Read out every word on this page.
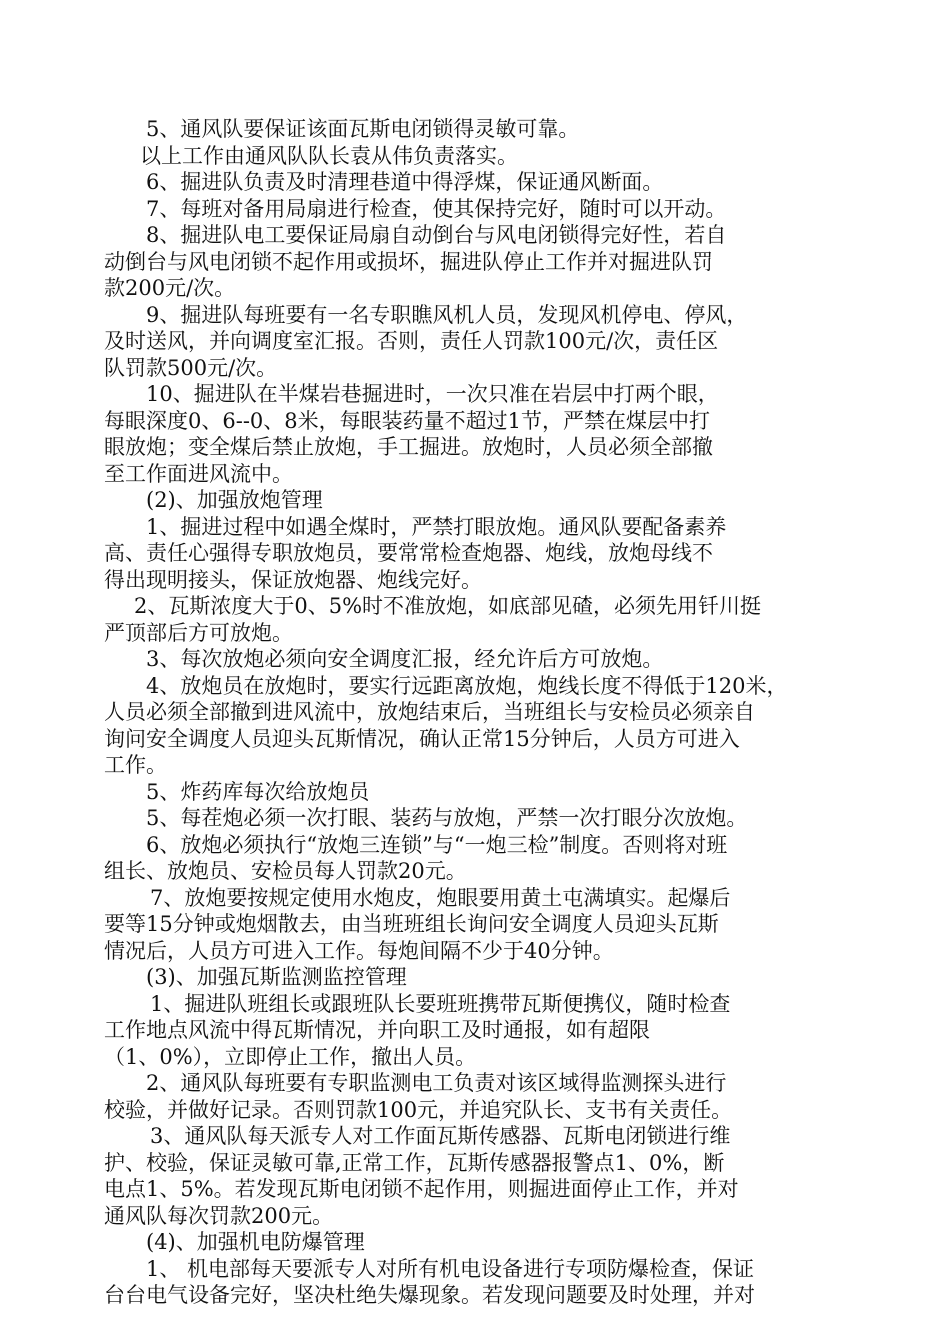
5、通风队要保证该面瓦斯电闭锁得灵敏可靠。
以上工作由通风队队长袁从伟负责落实。
6、掘进队负责及时清理巷道中得浮煤，保证通风断面。
7、每班对备用局扇进行检查，使其保持完好，随时可以开动。
8、掘进队电工要保证局扇自动倒台与风电闭锁得完好性，若自
动倒台与风电闭锁不起作用或损坏，掘进队停止工作并对掘进队罚
款200元/次。
9、掘进队每班要有一名专职瞧风机人员，发现风机停电、停风，
及时送风，并向调度室汇报。否则，责任人罚款100元/次，责任区
队罚款500元/次。
10、掘进队在半煤岩巷掘进时，一次只准在岩层中打两个眼，
每眼深度0、6--0、8米，每眼装药量不超过1节，严禁在煤层中打
眼放炮；变全煤后禁止放炮，手工掘进。放炮时，人员必须全部撤
至工作面进风流中。
(2)、加强放炮管理
1、掘进过程中如遇全煤时，严禁打眼放炮。通风队要配备素养
高、责任心强得专职放炮员，要常常检查炮器、炮线，放炮母线不
得出现明接头，保证放炮器、炮线完好。
2、瓦斯浓度大于0、5%时不准放炮，如底部见碴，必须先用钎川挺
严顶部后方可放炮。
3、每次放炮必须向安全调度汇报，经允许后方可放炮。
4、放炮员在放炮时，要实行远距离放炮，炮线长度不得低于120米，
人员必须全部撤到进风流中，放炮结束后，当班组长与安检员必须亲自
询问安全调度人员迎头瓦斯情况，确认正常15分钟后，人员方可进入
工作。
5、炸药库每次给放炮员
5、每茬炮必须一次打眼、装药与放炮，严禁一次打眼分次放炮。
6、放炮必须执行“放炮三连锁”与“一炮三检”制度。否则将对班
组长、放炮员、安检员每人罚款20元。
7、放炮要按规定使用水炮皮，炮眼要用黄土屯满填实。起爆后
要等15分钟或炮烟散去，由当班班组长询问安全调度人员迎头瓦斯
情况后，人员方可进入工作。每炮间隔不少于40分钟。
(3)、加强瓦斯监测监控管理
1、掘进队班组长或跟班队长要班班携带瓦斯便携仪，随时检查
工作地点风流中得瓦斯情况，并向职工及时通报，如有超限
（1、0%），立即停止工作，撤出人员。
2、通风队每班要有专职监测电工负责对该区域得监测探头进行
校验，并做好记录。否则罚款100元，并追究队长、支书有关责任。
3、通风队每天派专人对工作面瓦斯传感器、瓦斯电闭锁进行维
护、校验，保证灵敏可靠,正常工作，瓦斯传感器报警点1、0%，断
电点1、5%。若发现瓦斯电闭锁不起作用，则掘进面停止工作，并对
通风队每次罚款200元。
(4)、加强机电防爆管理
1、 机电部每天要派专人对所有机电设备进行专项防爆检查，保证
台台电气设备完好，坚决杜绝失爆现象。若发现问题要及时处理，并对
